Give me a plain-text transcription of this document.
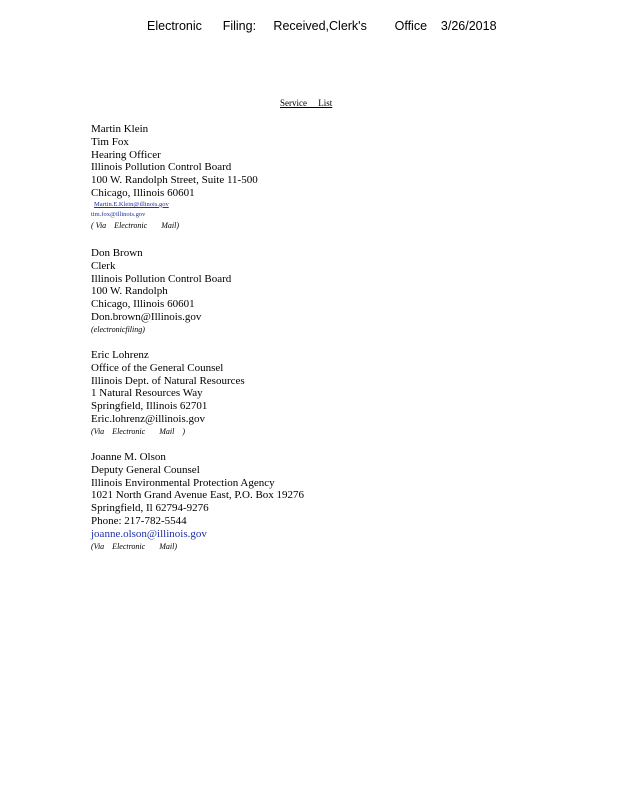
Electronic      Filing:     Received,Clerk's        Office    3/26/2018
Service     List
Martin Klein
Tim Fox
Hearing Officer
Illinois Pollution Control Board
100 W. Randolph Street, Suite 11-500
Chicago, Illinois 60601
Martin.E.Klein@illinois.gov
tim.fox@illinois.gov
( Via    Electronic       Mail)
Don Brown
Clerk
Illinois Pollution Control Board
100 W. Randolph
Chicago, Illinois 60601
Don.brown@Illinois.gov
(electronicfiling)
Eric Lohrenz
Office of the General Counsel
Illinois Dept. of Natural Resources
1 Natural Resources Way
Springfield, Illinois 62701
Eric.lohrenz@illinois.gov
(Via    Electronic       Mail    )
Joanne M. Olson
Deputy General Counsel
Illinois Environmental Protection Agency
1021 North Grand Avenue East, P.O. Box 19276
Springfield, Il 62794-9276
Phone: 217-782-5544
joanne.olson@illinois.gov
(Via    Electronic       Mail)
